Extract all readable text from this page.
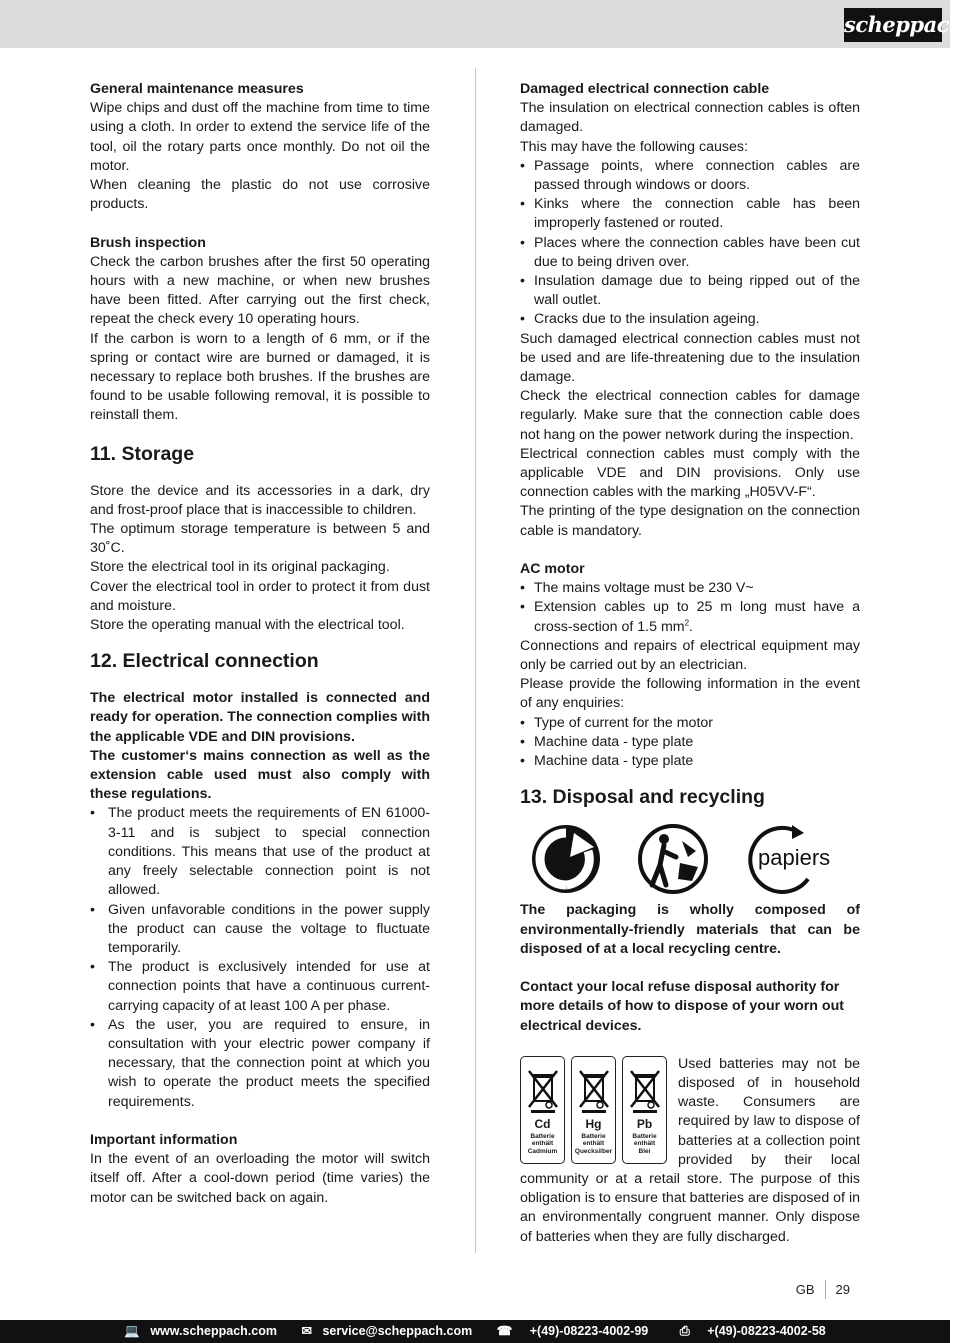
scheppach
General maintenance measures

Wipe chips and dust off the machine from time to time using a cloth. In order to extend the service life of the tool, oil the rotary parts once monthly. Do not oil the motor.

When cleaning the plastic do not use corrosive products.

Brush inspection

Check the carbon brushes after the first 50 operating hours with a new machine, or when new brushes have been fitted. After carrying out the first check, repeat the check every 10 operating hours.

If the carbon is worn to a length of 6 mm, or if the spring or contact wire are burned or damaged, it is necessary to replace both brushes. If the brushes are found to be usable following removal, it is possible to reinstall them.

11. Storage

Store the device and its accessories in a dark, dry and frost-proof place that is inaccessible to children.

The optimum storage temperature is between 5 and 30˚C.

Store the electrical tool in its original packaging.

Cover the electrical tool in order to protect it from dust and moisture.

Store the operating manual with the electrical tool.

12. Electrical connection

The electrical motor installed is connected and ready for operation. The connection complies with the applicable VDE and DIN provisions.

The customer‘s mains connection as well as the extension cable used must also comply with these regulations.

• The product meets the requirements of EN 61000-3-11 and is subject to special connection conditions. This means that use of the product at any freely selectable connection point is not allowed.
• Given unfavorable conditions in the power supply the product can cause the voltage to fluctuate temporarily.
• The product is exclusively intended for use at connection points that have a continuous current-carrying capacity of at least 100 A per phase.
• As the user, you are required to ensure, in consultation with your electric power company if necessary, that the connection point at which you wish to operate the product meets the specified requirements.
Important information

In the event of an overloading the motor will switch itself off. After a cool-down period (time varies) the motor can be switched back on again.

Damaged electrical connection cable

The insulation on electrical connection cables is often damaged.

This may have the following causes:

• Passage points, where connection cables are passed through windows or doors.
• Kinks where the connection cable has been improperly fastened or routed.
• Places where the connection cables have been cut due to being driven over.
• Insulation damage due to being ripped out of the wall outlet.
• Cracks due to the insulation ageing.

Such damaged electrical connection cables must not be used and are life-threatening due to the insulation damage.

Check the electrical connection cables for damage regularly. Make sure that the connection cable does not hang on the power network during the inspection.

Electrical connection cables must comply with the applicable VDE and DIN provisions. Only use connection cables with the marking „H05VV-F“.

The printing of the type designation on the connection cable is mandatory.

AC motor
• The mains voltage must be 230 V~
• Extension cables up to 25 m long must have a cross-section of 1.5 $mm^2$.

Connections and repairs of electrical equipment may only be carried out by an electrician.

Please provide the following information in the event of any enquiries:

• Type of current for the motor
• Machine data - type plate
• Machine data - type plate
13. Disposal and recycling
papiers

The packaging is wholly composed of environmentally-friendly materials that can be disposed of at a local recycling centre.

Contact your local refuse disposal authority for more details of how to dispose of your worn out electrical devices.

Cd
Batterie
enthält
Cadmium
Hg
Batterie
enthält
Quecksilber
Pb
Batterie
enthält
Blei

Used batteries may not be disposed of in household waste. Consumers are required by law to dispose of batteries at a collection point provided by their local community or at a retail store. The purpose of this obligation is to ensure that batteries are disposed of in an environmentally congruent manner. Only dispose of batteries when they are fully discharged.

GB 29
💻 www.scheppach.com ✉ service@scheppach.com ☎ +(49)-08223-4002-99	⎙ +(49)-08223-4002-58
